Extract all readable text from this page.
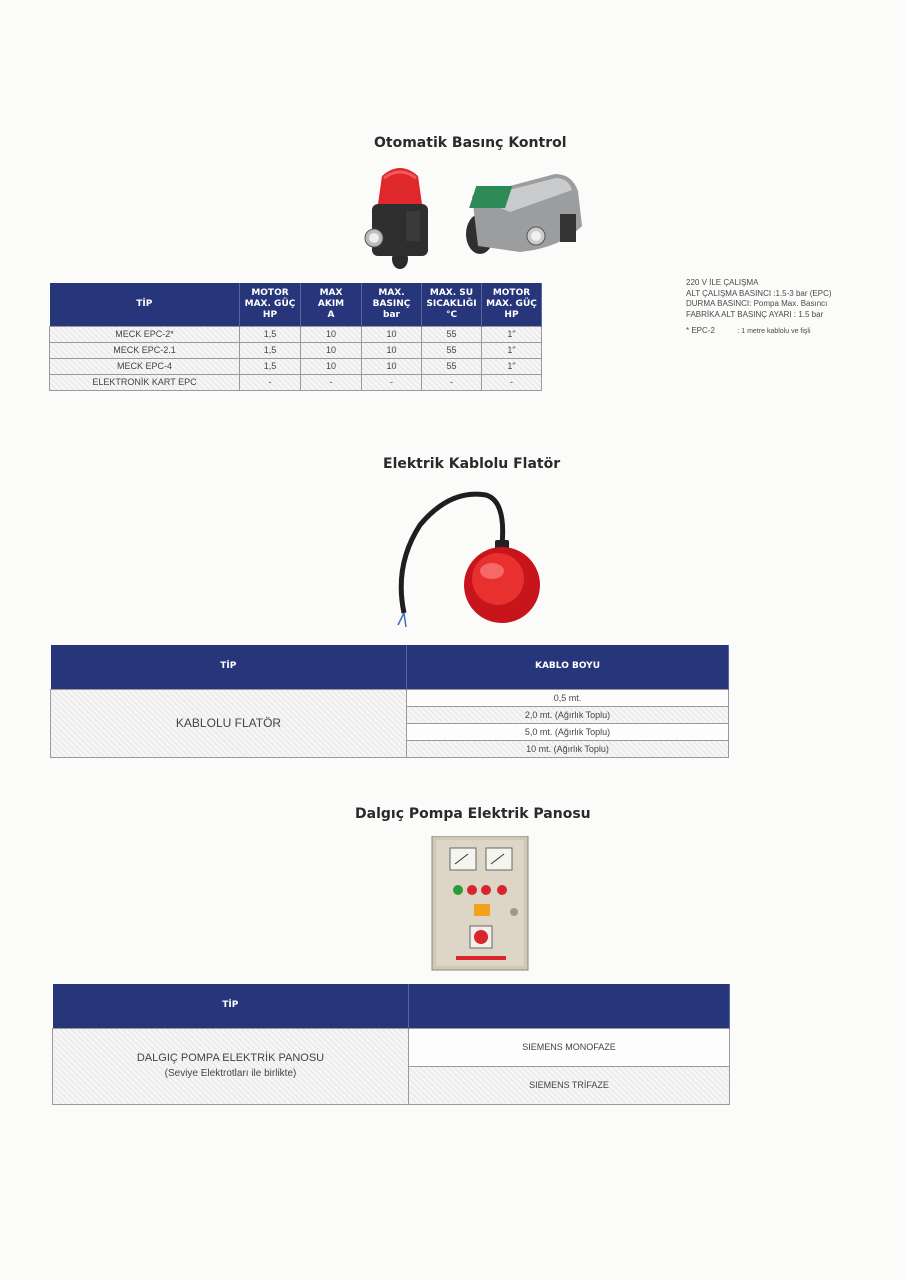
Otomatik Basınç Kontrol
TİP	MOTOR
MAX. GÜÇ
HP	MAX
AKIM
A	MAX.
BASINÇ
bar	MAX. SU
SICAKLIĞI
°C	MOTOR
MAX. GÜÇ
HP
MECK EPC-2*	1,5	10	10	55	1"
MECK EPC-2.1	1,5	10	10	55	1"
MECK EPC-4	1,5	10	10	55	1"
ELEKTRONİK KART EPC	-	-	-	-	-
220 V İLE ÇALIŞMA
ALT ÇALIŞMA BASINCI :1.5-3 bar (EPC)
DURMA BASINCI: Pompa Max. Basıncı
FABRİKA ALT BASINÇ AYARI : 1.5 bar
* EPC-2	: 1 metre kablolu ve fişli
Elektrik Kablolu Flatör
TİP	KABLO BOYU
KABLOLU FLATÖR	0,5 mt.
	2,0 mt. (Ağırlık Toplu)
	5,0 mt. (Ağırlık Toplu)
	10 mt. (Ağırlık Toplu)
Dalgıç Pompa Elektrik Panosu
TİP	

DALGIÇ POMPA ELEKTRİK PANOSU
(Seviye Elektrotları ile birlikte)	SIEMENS MONOFAZE
	SIEMENS TRİFAZE
